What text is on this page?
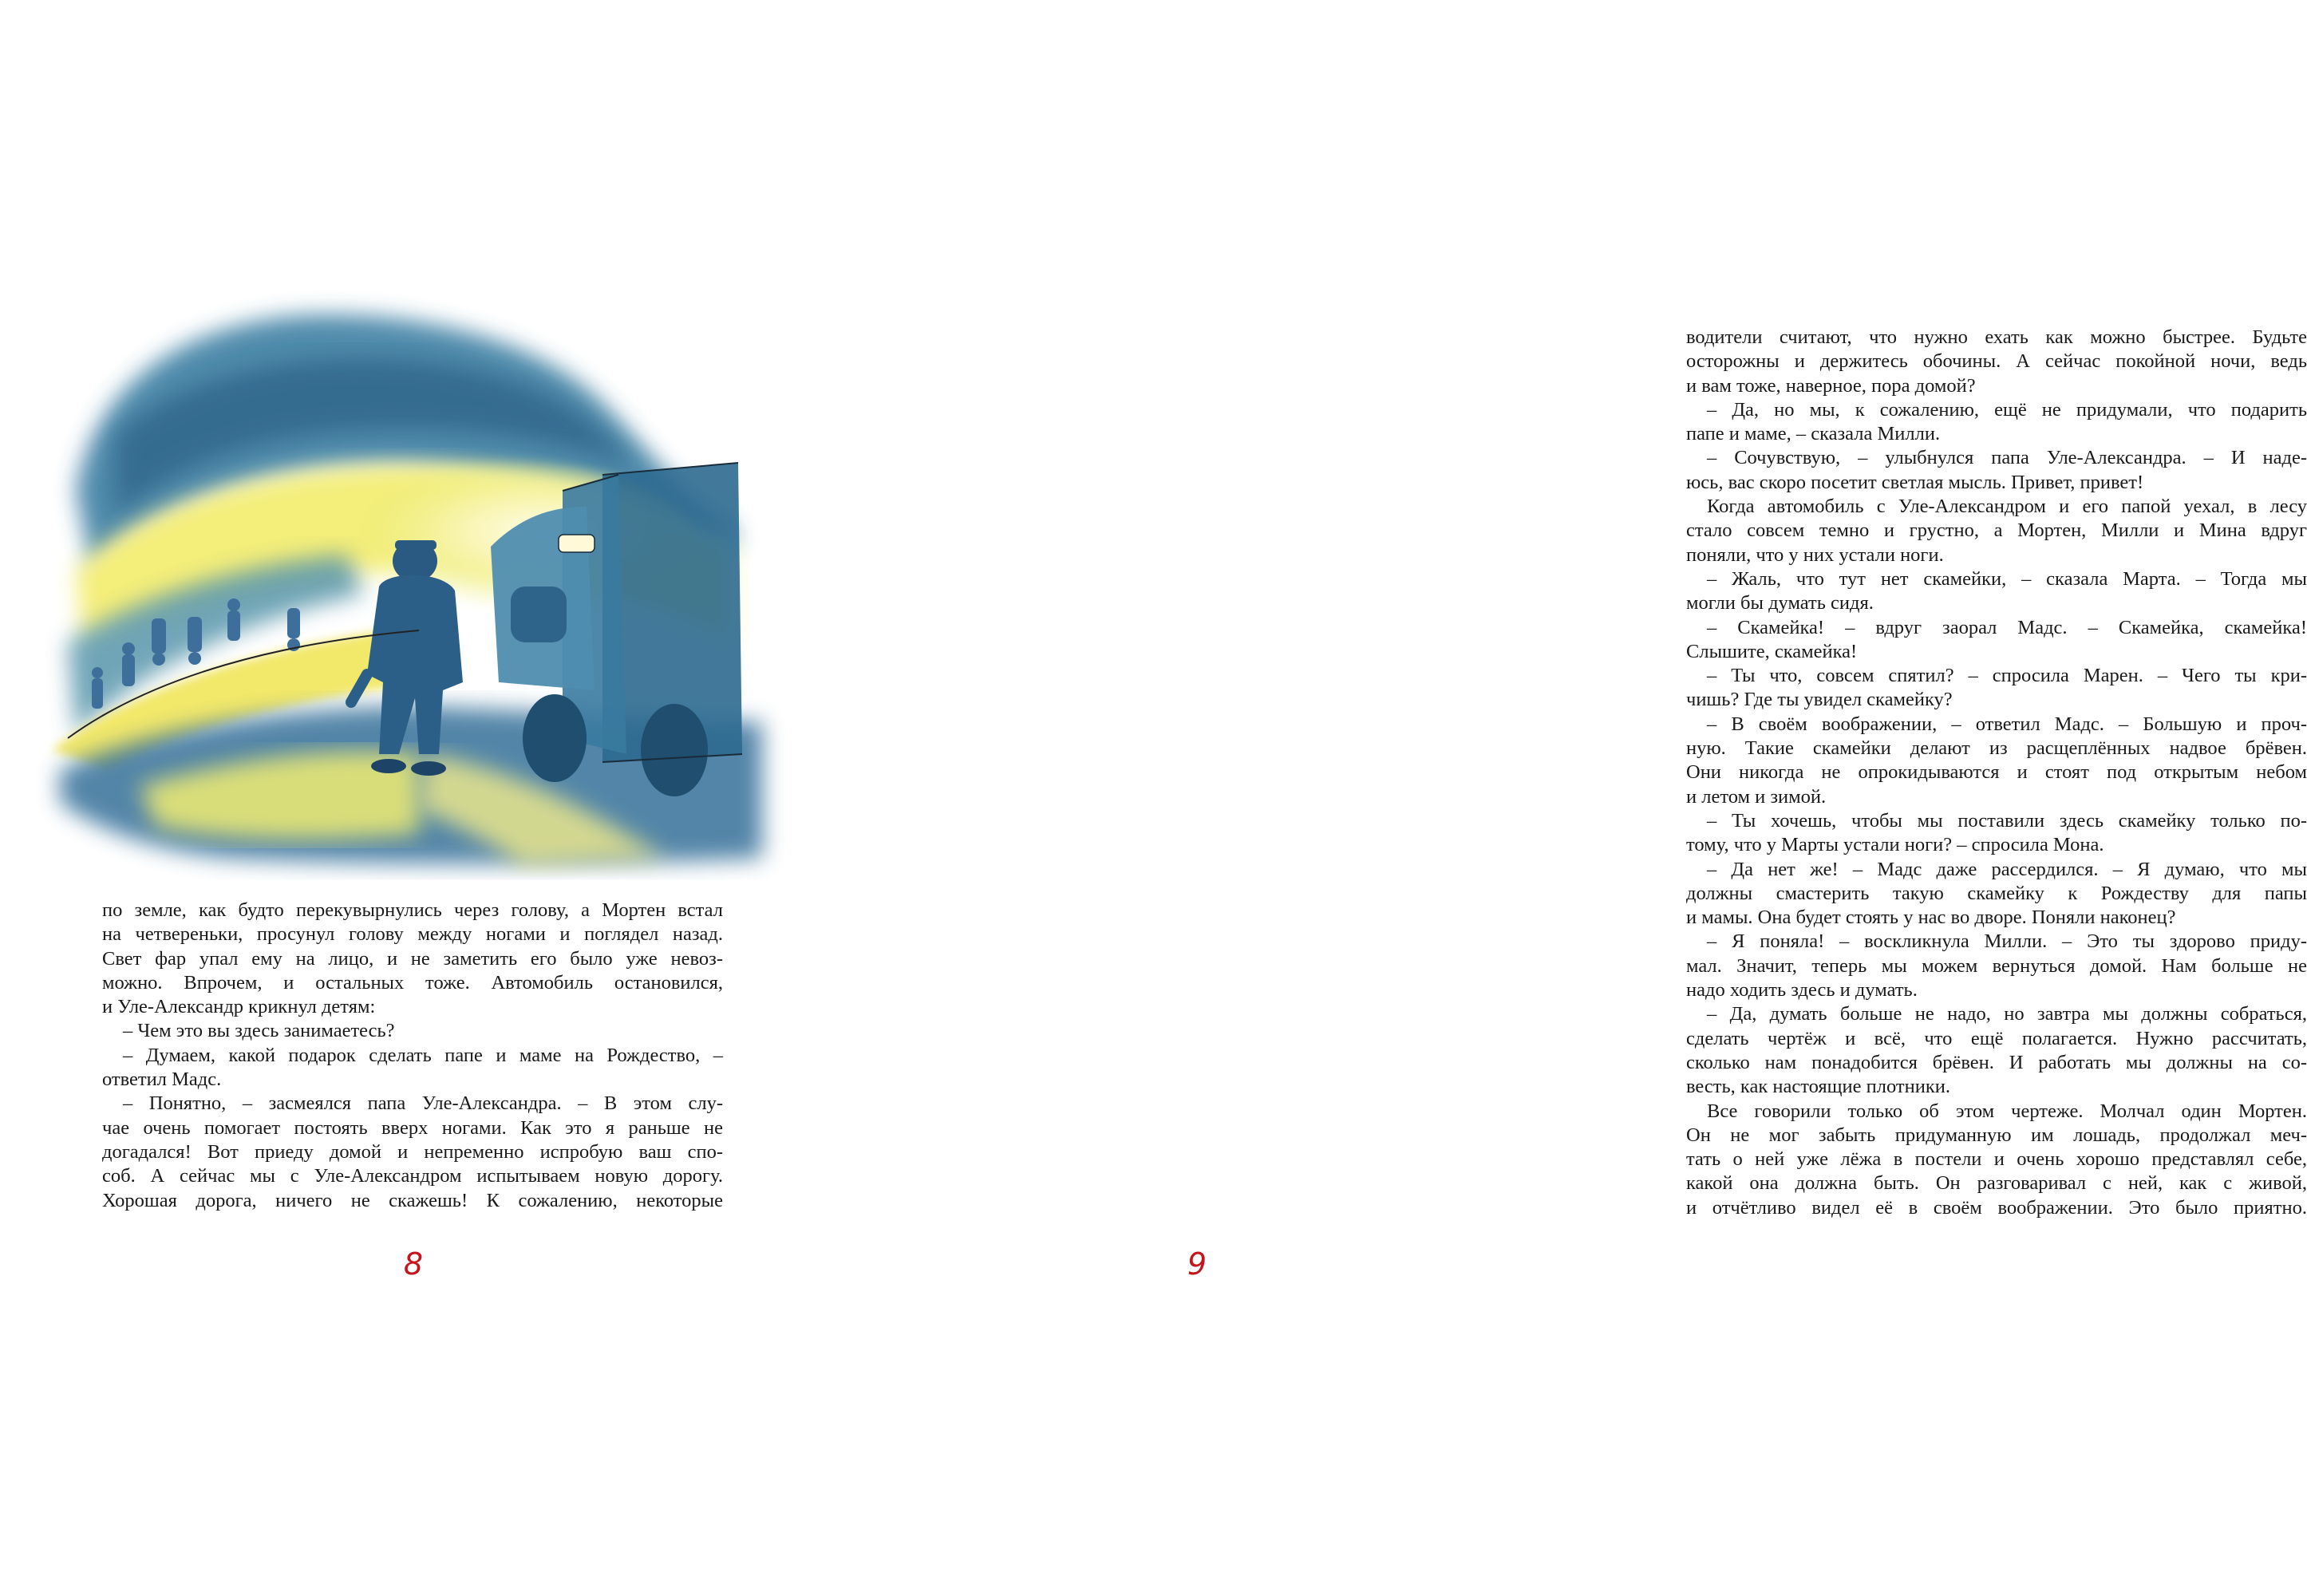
по земле, как будто перекувырнулись через голову, а Мортен встал
на четвереньки, просунул голову между ногами и поглядел назад.
Свет фар упал ему на лицо, и не заметить его было уже невоз-
можно. Впрочем, и остальных тоже. Автомобиль остановился,
и Уле-Александр крикнул детям:
– Чем это вы здесь занимаетесь?
– Думаем, какой подарок сделать папе и маме на Рождество, –
ответил Мадс.
– Понятно, – засмеялся папа Уле-Александра. – В этом слу-
чае очень помогает постоять вверх ногами. Как это я раньше не
догадался! Вот приеду домой и непременно испробую ваш спо-
соб. А сейчас мы с Уле-Александром испытываем новую дорогу.
Хорошая дорога, ничего не скажешь! К сожалению, некоторые
8
водители считают, что нужно ехать как можно быстрее. Будьте
осторожны и держитесь обочины. А сейчас покойной ночи, ведь
и вам тоже, наверное, пора домой?
– Да, но мы, к сожалению, ещё не придумали, что подарить
папе и маме, – сказала Милли.
– Сочувствую, – улыбнулся папа Уле-Александра. – И наде-
юсь, вас скоро посетит светлая мысль. Привет, привет!
Когда автомобиль с Уле-Александром и его папой уехал, в лесу
стало совсем темно и грустно, а Мортен, Милли и Мина вдруг
поняли, что у них устали ноги.
– Жаль, что тут нет скамейки, – сказала Марта. – Тогда мы
могли бы думать сидя.
– Скамейка! – вдруг заорал Мадс. – Скамейка, скамейка!
Слышите, скамейка!
– Ты что, совсем спятил? – спросила Марен. – Чего ты кри-
чишь? Где ты увидел скамейку?
– В своём воображении, – ответил Мадс. – Большую и проч-
ную. Такие скамейки делают из расщеплённых надвое брёвен.
Они никогда не опрокидываются и стоят под открытым небом
и летом и зимой.
– Ты хочешь, чтобы мы поставили здесь скамейку только по-
тому, что у Марты устали ноги? – спросила Мона.
– Да нет же! – Мадс даже рассердился. – Я думаю, что мы
должны смастерить такую скамейку к Рождеству для папы
и мамы. Она будет стоять у нас во дворе. Поняли наконец?
– Я поняла! – воскликнула Милли. – Это ты здорово приду-
мал. Значит, теперь мы можем вернуться домой. Нам больше не
надо ходить здесь и думать.
– Да, думать больше не надо, но завтра мы должны собраться,
сделать чертёж и всё, что ещё полагается. Нужно рассчитать,
сколько нам понадобится брёвен. И работать мы должны на со-
весть, как настоящие плотники.
Все говорили только об этом чертеже. Молчал один Мортен.
Он не мог забыть придуманную им лошадь, продолжал меч-
тать о ней уже лёжа в постели и очень хорошо представлял себе,
какой она должна быть. Он разговаривал с ней, как с живой,
и отчётливо видел её в своём воображении. Это было приятно.
9
